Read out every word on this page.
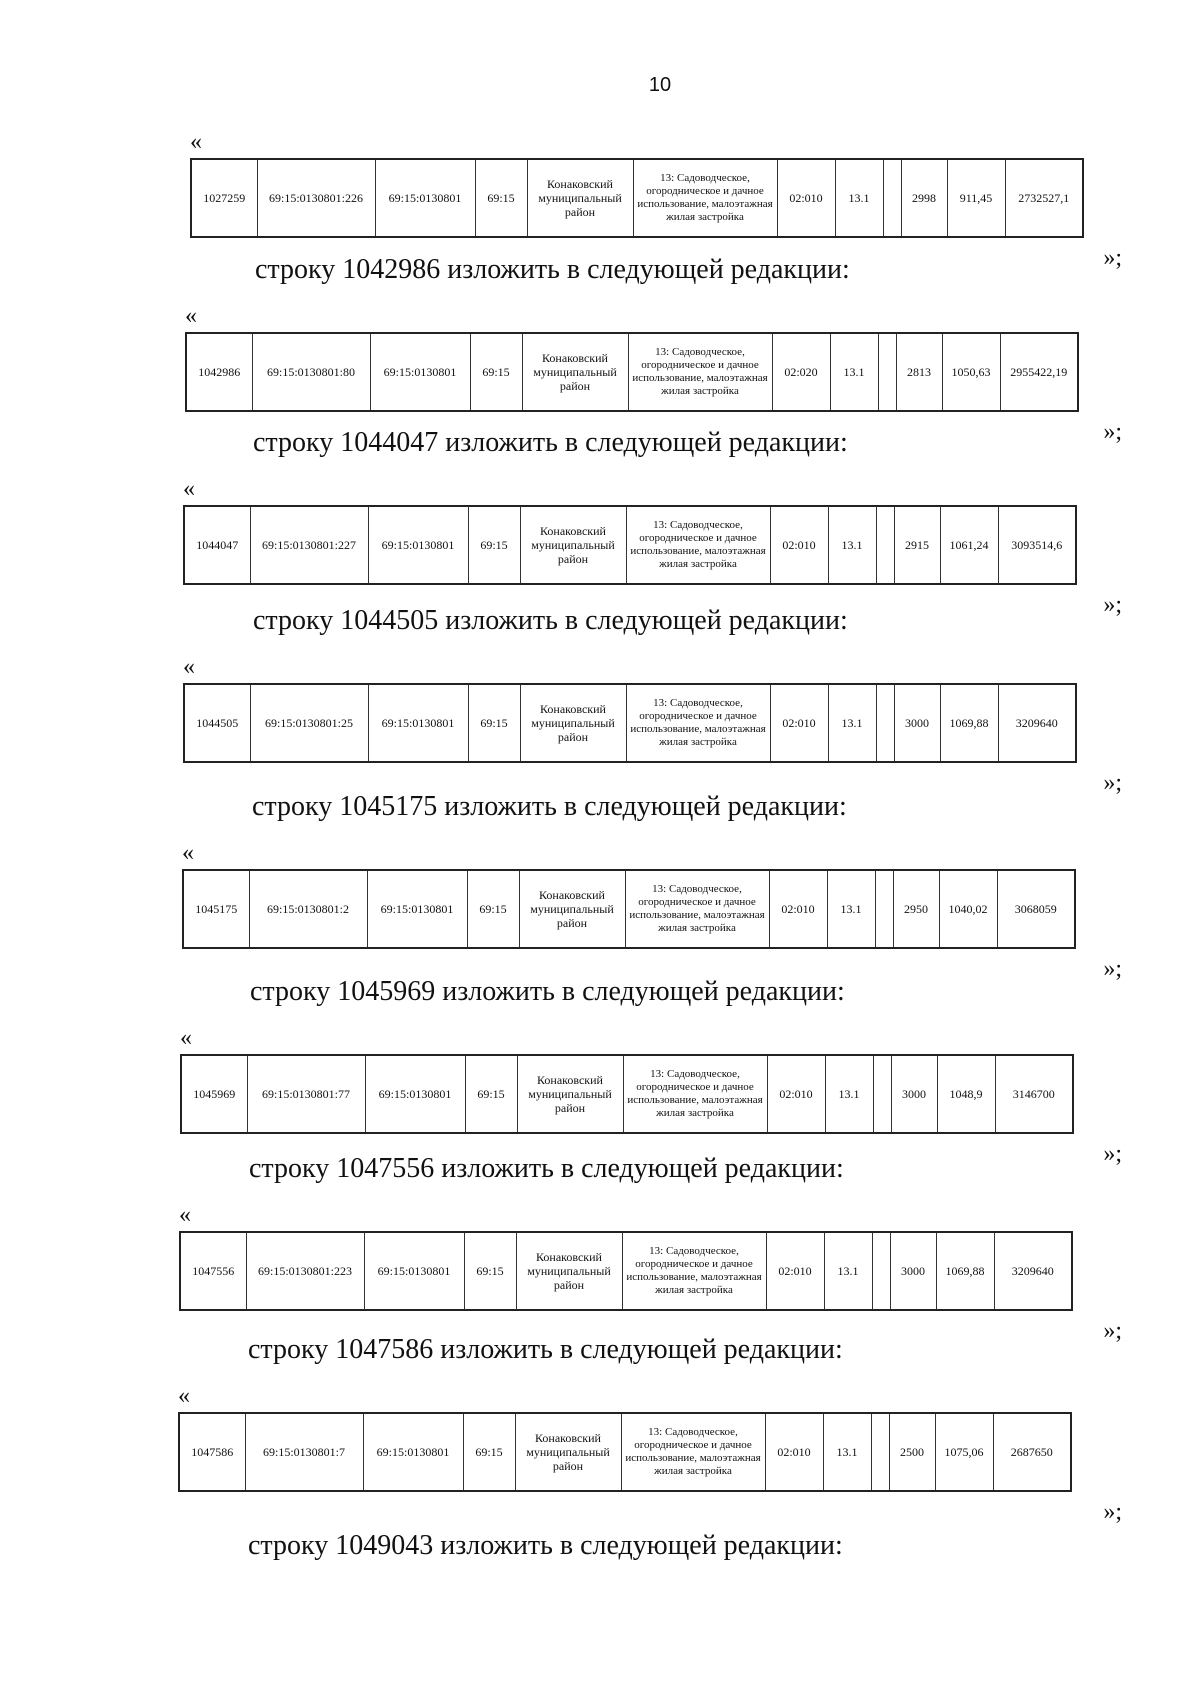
10
«
1027259	69:15:0130801:226	69:15:0130801	69:15	Конаковский муниципальный район	13: Садоводческое, огородническое и дачное использование, малоэтажная жилая застройка	02:010	13.1		2998	911,45	2732527,1
»;
строку 1042986 изложить в следующей редакции:
«
1042986	69:15:0130801:80	69:15:0130801	69:15	Конаковский муниципальный район	13: Садоводческое, огородническое и дачное использование, малоэтажная жилая застройка	02:020	13.1		2813	1050,63	2955422,19
»;
строку 1044047 изложить в следующей редакции:
«
1044047	69:15:0130801:227	69:15:0130801	69:15	Конаковский муниципальный район	13: Садоводческое, огородническое и дачное использование, малоэтажная жилая застройка	02:010	13.1		2915	1061,24	3093514,6
»;
строку 1044505 изложить в следующей редакции:
«
1044505	69:15:0130801:25	69:15:0130801	69:15	Конаковский муниципальный район	13: Садоводческое, огородническое и дачное использование, малоэтажная жилая застройка	02:010	13.1		3000	1069,88	3209640
»;
строку 1045175 изложить в следующей редакции:
«
1045175	69:15:0130801:2	69:15:0130801	69:15	Конаковский муниципальный район	13: Садоводческое, огородническое и дачное использование, малоэтажная жилая застройка	02:010	13.1		2950	1040,02	3068059
»;
строку 1045969 изложить в следующей редакции:
«
1045969	69:15:0130801:77	69:15:0130801	69:15	Конаковский муниципальный район	13: Садоводческое, огородническое и дачное использование, малоэтажная жилая застройка	02:010	13.1		3000	1048,9	3146700
»;
строку 1047556 изложить в следующей редакции:
«
1047556	69:15:0130801:223	69:15:0130801	69:15	Конаковский муниципальный район	13: Садоводческое, огородническое и дачное использование, малоэтажная жилая застройка	02:010	13.1		3000	1069,88	3209640
»;
строку 1047586 изложить в следующей редакции:
«
1047586	69:15:0130801:7	69:15:0130801	69:15	Конаковский муниципальный район	13: Садоводческое, огородническое и дачное использование, малоэтажная жилая застройка	02:010	13.1		2500	1075,06	2687650
»;
строку 1049043 изложить в следующей редакции:
